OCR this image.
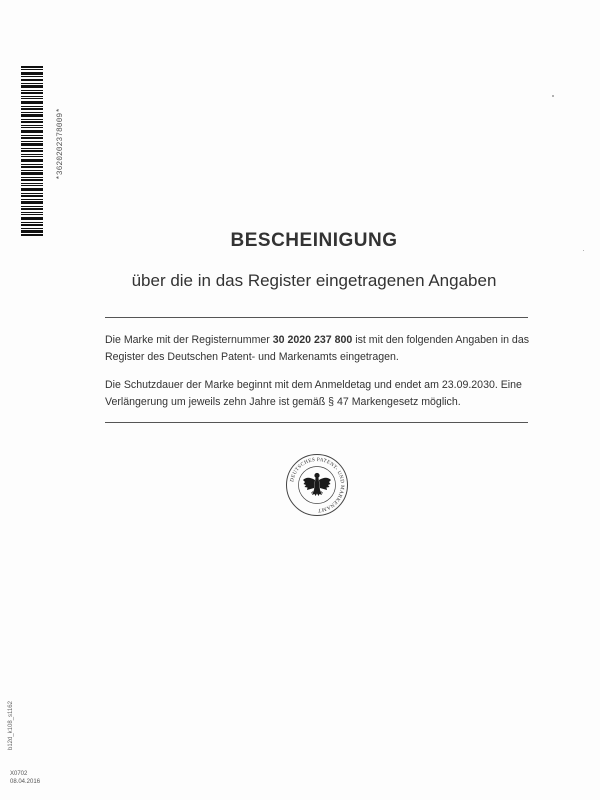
*3620202378009*
BESCHEINIGUNG
über die in das Register eingetragenen Angaben
Die Marke mit der Registernummer 30 2020 237 800 ist mit den folgenden Angaben in das Register des Deutschen Patent- und Markenamts eingetragen.
Die Schutzdauer der Marke beginnt mit dem Anmeldetag und endet am 23.09.2030. Eine Verlängerung um jeweils zehn Jahre ist gemäß § 47 Markengesetz möglich.
DEUTSCHES PATENT- UND MARKENAMT
b12d_k108_s1162
X0702
08.04.2016
